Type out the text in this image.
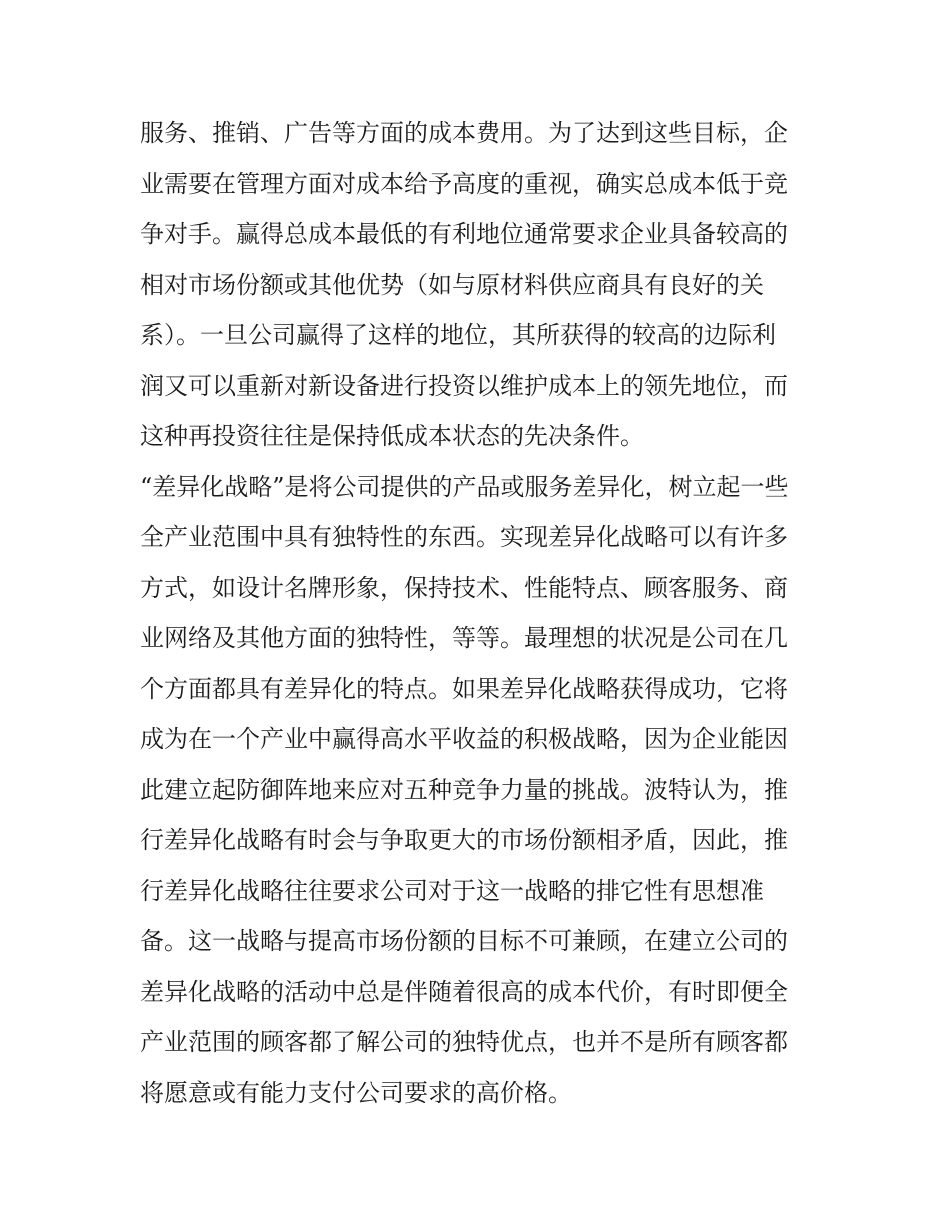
服务、推销、广告等方面的成本费用。为了达到这些目标，企
业需要在管理方面对成本给予高度的重视，确实总成本低于竞
争对手。赢得总成本最低的有利地位通常要求企业具备较高的
相对市场份额或其他优势（如与原材料供应商具有良好的关
系）。一旦公司赢得了这样的地位，其所获得的较高的边际利
润又可以重新对新设备进行投资以维护成本上的领先地位，而
这种再投资往往是保持低成本状态的先决条件。
“差异化战略”是将公司提供的产品或服务差异化，树立起一些
全产业范围中具有独特性的东西。实现差异化战略可以有许多
方式，如设计名牌形象，保持技术、性能特点、顾客服务、商
业网络及其他方面的独特性，等等。最理想的状况是公司在几
个方面都具有差异化的特点。如果差异化战略获得成功，它将
成为在一个产业中赢得高水平收益的积极战略，因为企业能因
此建立起防御阵地来应对五种竞争力量的挑战。波特认为，推
行差异化战略有时会与争取更大的市场份额相矛盾，因此，推
行差异化战略往往要求公司对于这一战略的排它性有思想准
备。这一战略与提高市场份额的目标不可兼顾，在建立公司的
差异化战略的活动中总是伴随着很高的成本代价，有时即便全
产业范围的顾客都了解公司的独特优点，也并不是所有顾客都
将愿意或有能力支付公司要求的高价格。
